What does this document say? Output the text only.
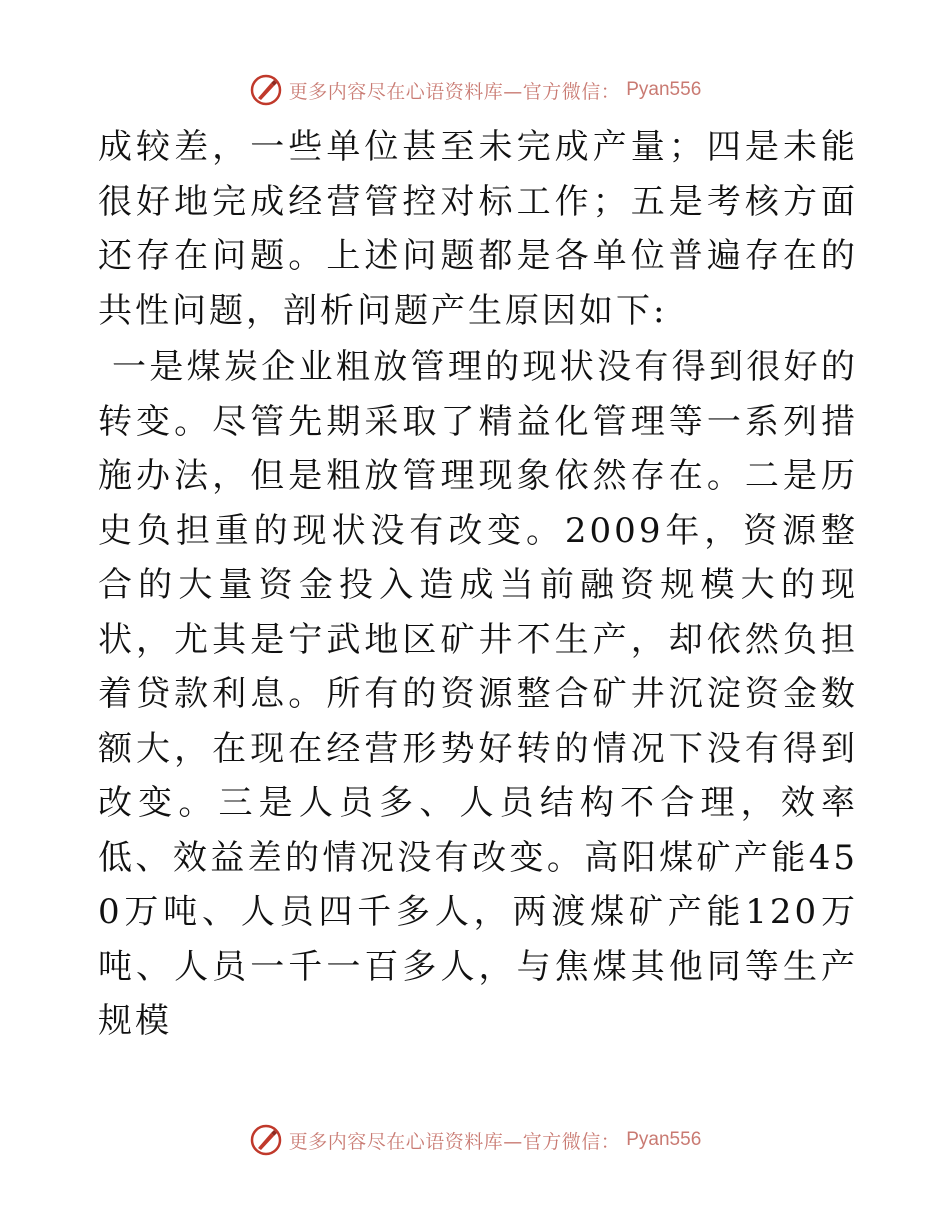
更多内容尽在心语资料库—官方微信： Pyan556

成较差，一些单位甚至未完成产量；四是未能很好地完成经营管控对标工作；五是考核方面还存在问题。上述问题都是各单位普遍存在的共性问题，剖析问题产生原因如下:

一是煤炭企业粗放管理的现状没有得到很好的转变。尽管先期采取了精益化管理等一系列措施办法，但是粗放管理现象依然存在。二是历史负担重的现状没有改变。2009年，资源整合的大量资金投入造成当前融资规模大的现状，尤其是宁武地区矿井不生产，却依然负担着贷款利息。所有的资源整合矿井沉淀资金数额大，在现在经营形势好转的情况下没有得到改变。三是人员多、人员结构不合理，效率低、效益差的情况没有改变。高阳煤矿产能450万吨、人员四千多人，两渡煤矿产能120万吨、人员一千一百多人，与焦煤其他同等生产规模

更多内容尽在心语资料库—官方微信： Pyan556
